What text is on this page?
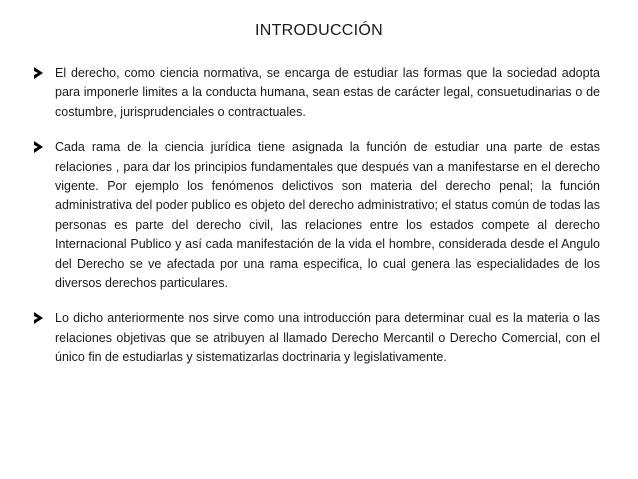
INTRODUCCIÓN
El derecho, como ciencia normativa, se encarga de estudiar las formas que la sociedad adopta para imponerle limites a la conducta humana, sean estas de carácter legal, consuetudinarias o de costumbre, jurisprudenciales o contractuales.
Cada rama de la ciencia jurídica tiene asignada la función de estudiar una parte de estas relaciones , para dar los principios fundamentales que después van a manifestarse en el derecho vigente. Por ejemplo los fenómenos delictivos son materia del derecho penal; la función administrativa del poder publico es objeto del derecho administrativo; el status común de todas las personas es parte del derecho civil, las relaciones entre los estados compete al derecho Internacional Publico y así cada manifestación de la vida el hombre, considerada desde el Angulo del Derecho se ve afectada por una rama especifica, lo cual genera las especialidades de los diversos derechos particulares.
Lo dicho anteriormente nos sirve como una introducción para determinar cual es la materia o las relaciones objetivas que se atribuyen al llamado Derecho Mercantil o Derecho Comercial, con el único fin de estudiarlas y sistematizarlas doctrinaria y legislativamente.
